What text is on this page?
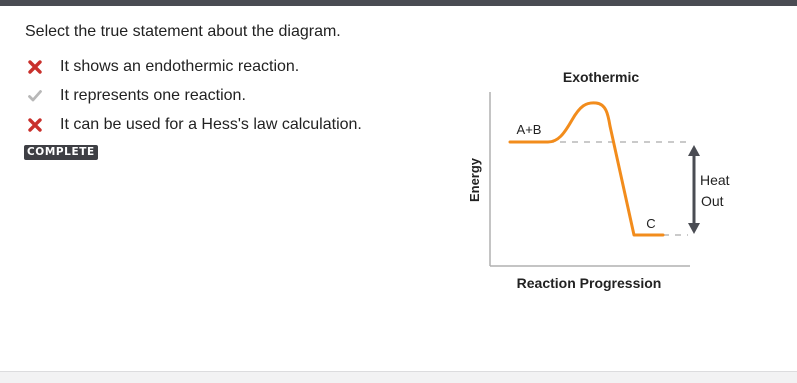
Select the true statement about the diagram.
It shows an endothermic reaction.
It represents one reaction.
It can be used for a Hess's law calculation.
COMPLETE
Exothermic
Energy
Reaction Progression
A+B
C
Heat
Out
